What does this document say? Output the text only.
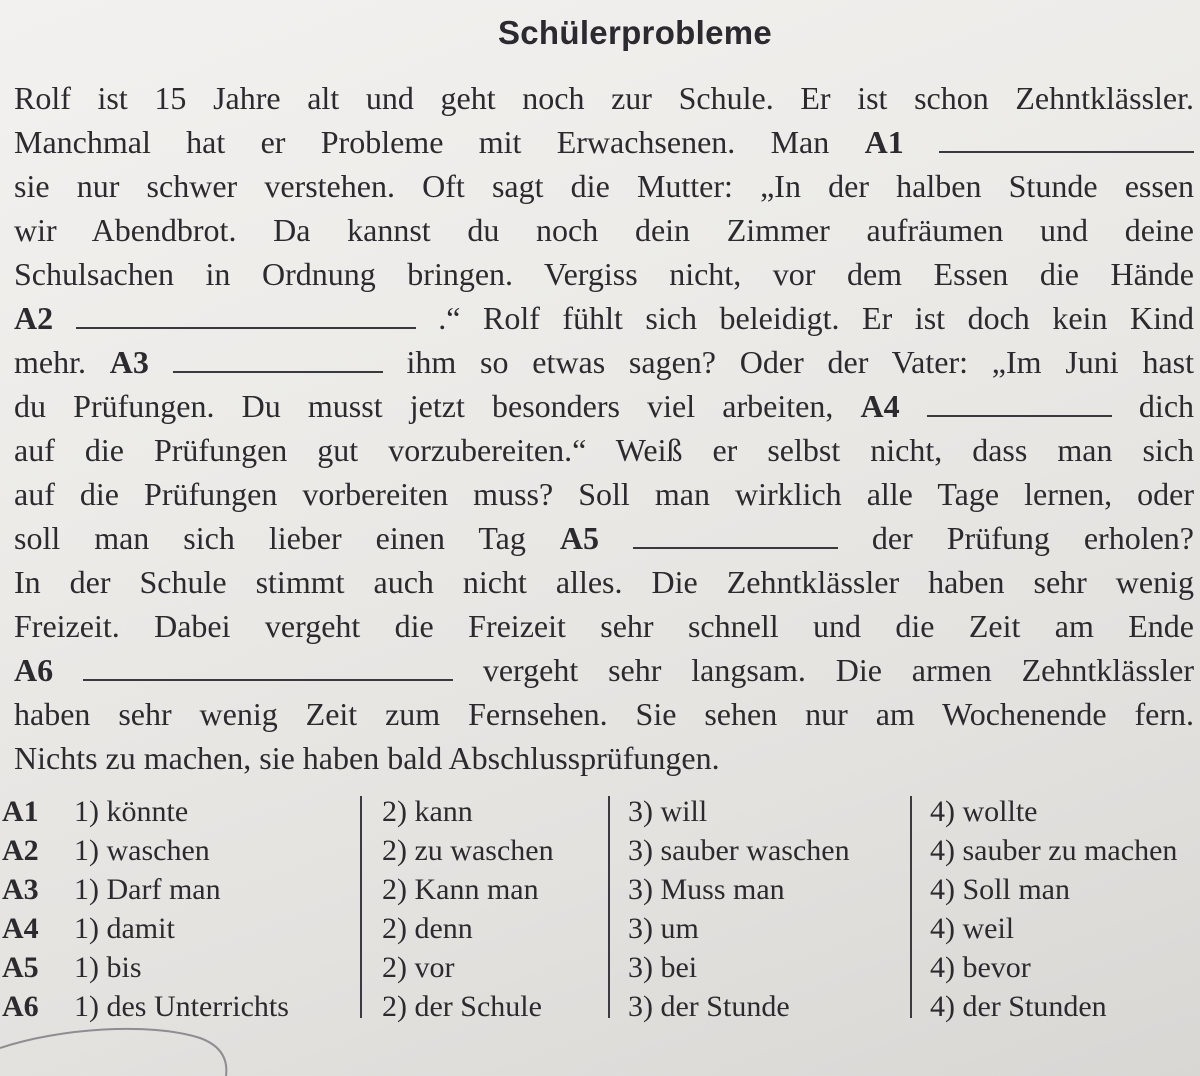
Schülerprobleme
Rolf ist 15 Jahre alt und geht noch zur Schule. Er ist schon Zehntklässler.
Manchmal hat er Probleme mit Erwachsenen. Man A1
sie nur schwer verstehen. Oft sagt die Mutter: „In der halben Stunde essen
wir Abendbrot. Da kannst du noch dein Zimmer aufräumen und deine
Schulsachen in Ordnung bringen. Vergiss nicht, vor dem Essen die Hände
A2	.“ Rolf fühlt sich beleidigt. Er ist doch kein Kind
mehr. A3	ihm so etwas sagen? Oder der Vater: „Im Juni hast
du Prüfungen. Du musst jetzt besonders viel arbeiten, A4	dich
auf die Prüfungen gut vorzubereiten.“ Weiß er selbst nicht, dass man sich
auf die Prüfungen vorbereiten muss? Soll man wirklich alle Tage lernen, oder
soll man sich lieber einen Tag A5	der Prüfung erholen?
In der Schule stimmt auch nicht alles. Die Zehntklässler haben sehr wenig
Freizeit. Dabei vergeht die Freizeit sehr schnell und die Zeit am Ende
A6	vergeht sehr langsam. Die armen Zehntklässler
haben sehr wenig Zeit zum Fernsehen. Sie sehen nur am Wochenende fern.
Nichts zu machen, sie haben bald Abschlussprüfungen.
A1	1) könnte	2) kann	3) will	4) wollte
A2	1) waschen	2) zu waschen 3) sauber waschen	4) sauber zu machen
A3	1) Darf man	2) Kann man	3) Muss man	4) Soll man
A4	1) damit	2) denn	3) um	4) weil
A5	1) bis	2) vor	3) bei	4) bevor
A6	1) des Unterrichts	2) der Schule	3) der Stunde	4) der Stunden
